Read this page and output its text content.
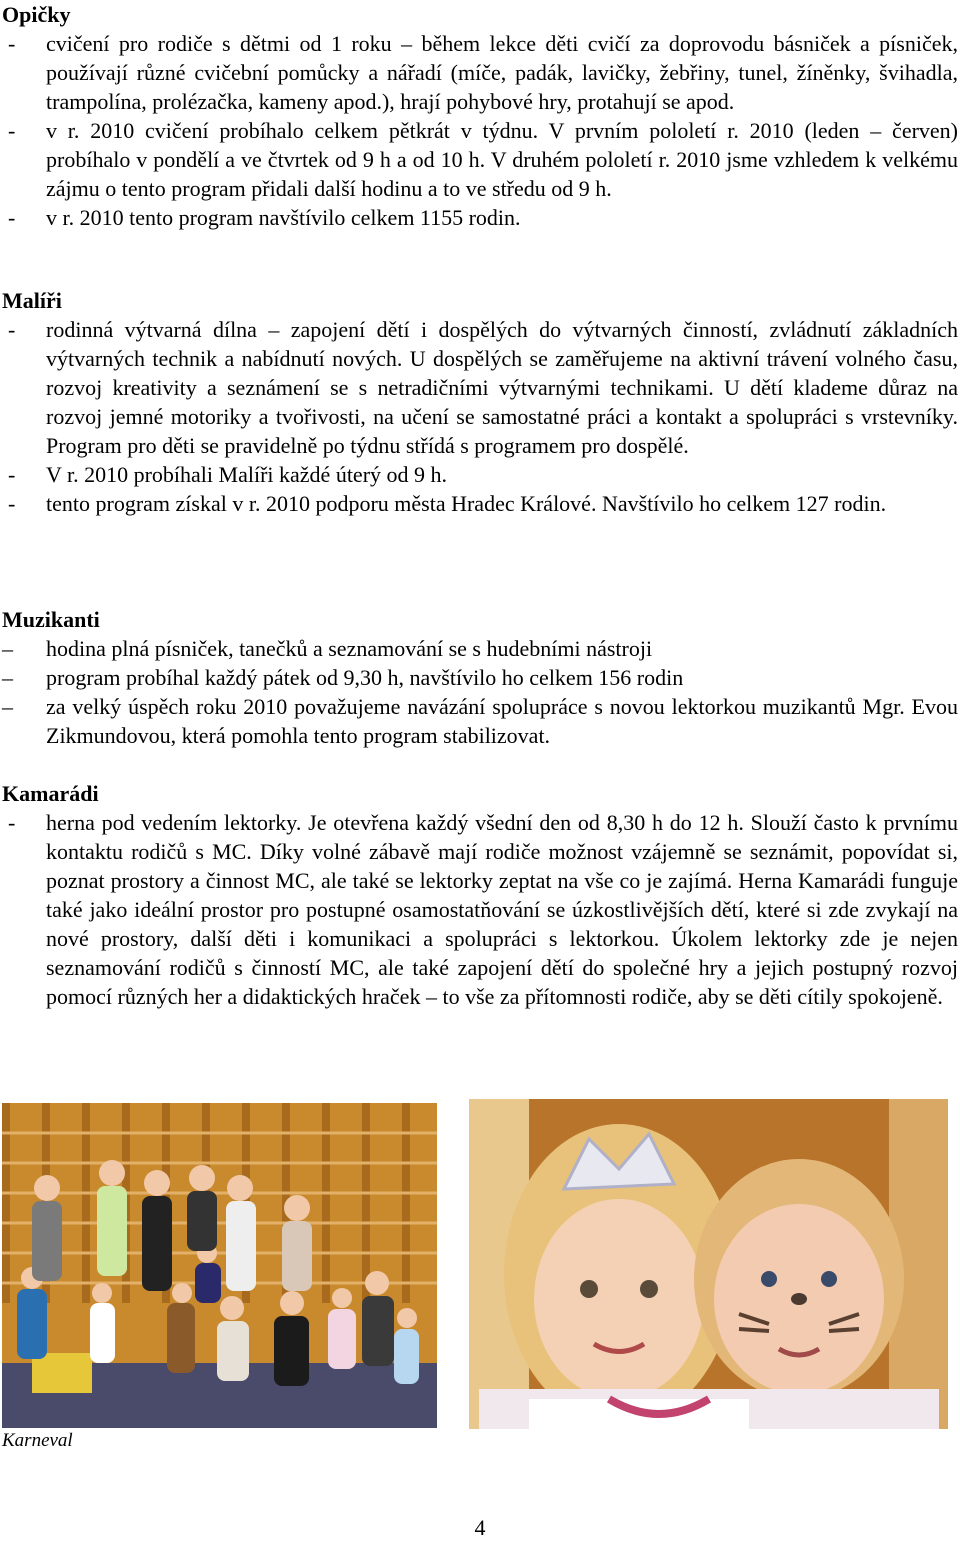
Opičky
- cvičení pro rodiče s dětmi od 1 roku – během lekce děti cvičí za doprovodu básniček a písniček, používají různé cvičební pomůcky a nářadí (míče, padák, lavičky, žebřiny, tunel, žíněnky, švihadla, trampolína, prolézačka, kameny apod.), hrají pohybové hry, protahují se apod.
- v r. 2010 cvičení probíhalo celkem pětkrát v týdnu. V prvním pololetí r. 2010 (leden – červen) probíhalo v pondělí a ve čtvrtek od 9 h a od 10 h. V druhém pololetí r. 2010 jsme vzhledem k velkému zájmu o tento program přidali další hodinu a to ve středu od 9 h.
- v r. 2010 tento program navštívilo celkem 1155 rodin.
Malíři
- rodinná výtvarná dílna – zapojení dětí i dospělých do výtvarných činností, zvládnutí základních výtvarných technik a nabídnutí nových. U dospělých se zaměřujeme na aktivní trávení volného času, rozvoj kreativity a seznámení se s netradičními výtvarnými technikami. U dětí klademe důraz na rozvoj jemné motoriky a tvořivosti, na učení se samostatné práci a kontakt a spolupráci s vrstevníky. Program pro děti se pravidelně po týdnu střídá s programem pro dospělé.
- V r. 2010 probíhali Malíři každé úterý od 9 h.
- tento program získal v r. 2010 podporu města Hradec Králové. Navštívilo ho celkem 127 rodin.
Muzikanti
– hodina plná písniček, tanečků a seznamování se s hudebními nástroji
– program probíhal každý pátek od 9,30 h, navštívilo ho celkem 156 rodin
– za velký úspěch roku 2010 považujeme navázání spolupráce s novou lektorkou muzikantů Mgr. Evou Zikmundovou, která pomohla tento program stabilizovat.
Kamarádi
- herna pod vedením lektorky. Je otevřena každý všední den od 8,30 h do 12 h. Slouží často k prvnímu kontaktu rodičů s MC. Díky volné zábavě mají rodiče možnost vzájemně se seznámit, popovídat si, poznat prostory a činnost MC, ale také se lektorky zeptat na vše co je zajímá. Herna Kamarádi funguje také jako ideální prostor pro postupné osamostatňování se úzkostlivějších dětí, které si zde zvykají na nové prostory, další děti i komunikaci a spolupráci s lektorkou. Úkolem lektorky zde je nejen seznamování rodičů s činností MC, ale také zapojení dětí do společné hry a jejich postupný rozvoj pomocí různých her a didaktických hraček – to vše za přítomnosti rodiče, aby se děti cítily spokojeně.
Karneval
4
